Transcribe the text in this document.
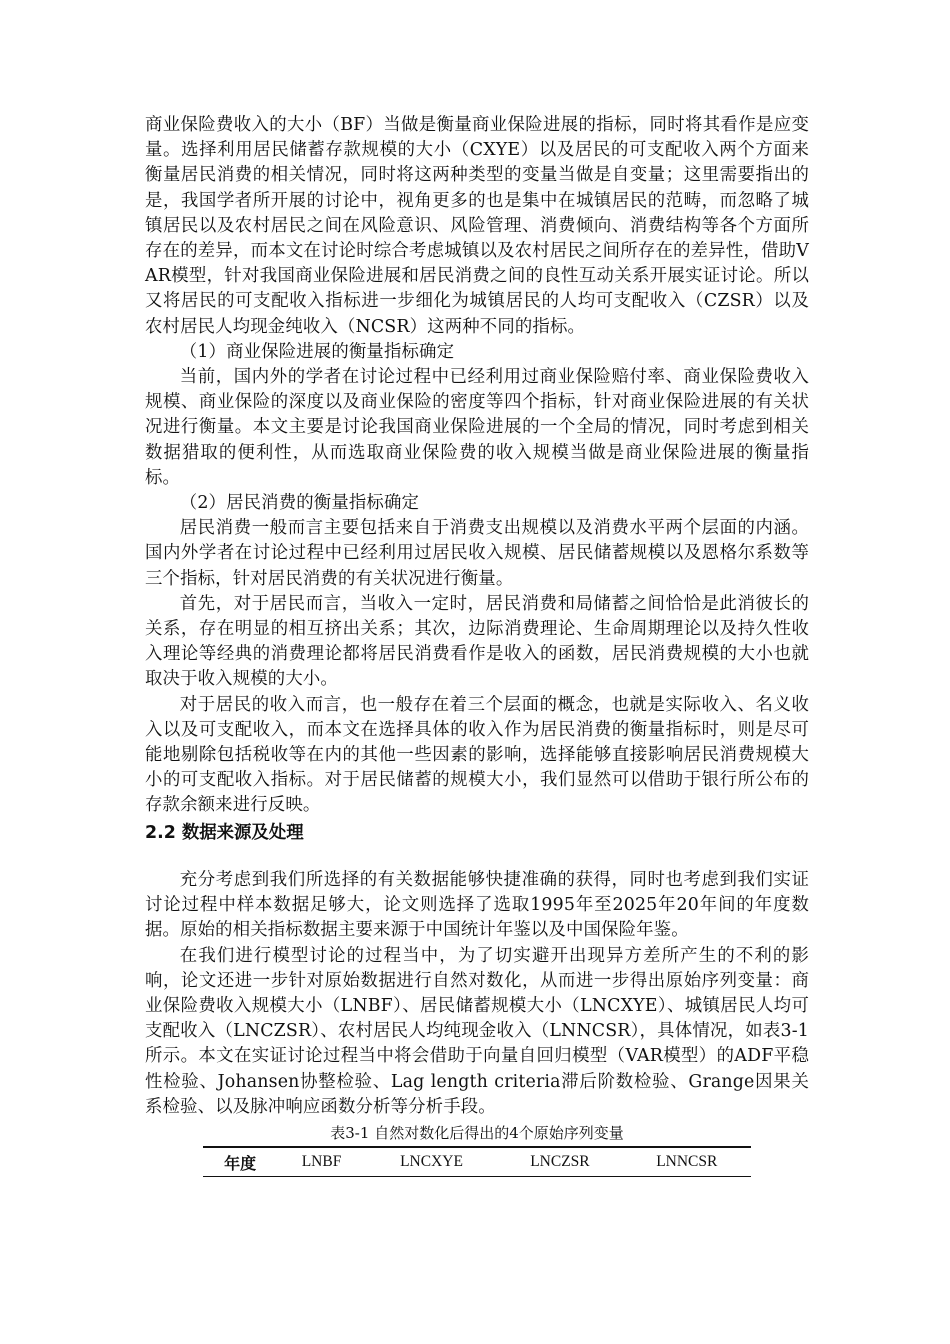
商业保险费收入的大小（BF）当做是衡量商业保险进展的指标，同时将其看作是应变量。选择利用居民储蓄存款规模的大小（CXYE）以及居民的可支配收入两个方面来衡量居民消费的相关情况，同时将这两种类型的变量当做是自变量；这里需要指出的是，我国学者所开展的讨论中，视角更多的也是集中在城镇居民的范畴，而忽略了城镇居民以及农村居民之间在风险意识、风险管理、消费倾向、消费结构等各个方面所存在的差异，而本文在讨论时综合考虑城镇以及农村居民之间所存在的差异性，借助VAR模型，针对我国商业保险进展和居民消费之间的良性互动关系开展实证讨论。所以又将居民的可支配收入指标进一步细化为城镇居民的人均可支配收入（CZSR）以及农村居民人均现金纯收入（NCSR）这两种不同的指标。

（1）商业保险进展的衡量指标确定

当前，国内外的学者在讨论过程中已经利用过商业保险赔付率、商业保险费收入规模、商业保险的深度以及商业保险的密度等四个指标，针对商业保险进展的有关状况进行衡量。本文主要是讨论我国商业保险进展的一个全局的情况，同时考虑到相关数据猎取的便利性，从而选取商业保险费的收入规模当做是商业保险进展的衡量指标。

（2）居民消费的衡量指标确定

居民消费一般而言主要包括来自于消费支出规模以及消费水平两个层面的内涵。国内外学者在讨论过程中已经利用过居民收入规模、居民储蓄规模以及恩格尔系数等三个指标，针对居民消费的有关状况进行衡量。

首先，对于居民而言，当收入一定时，居民消费和局储蓄之间恰恰是此消彼长的关系，存在明显的相互挤出关系；其次，边际消费理论、生命周期理论以及持久性收入理论等经典的消费理论都将居民消费看作是收入的函数，居民消费规模的大小也就取决于收入规模的大小。

对于居民的收入而言，也一般存在着三个层面的概念，也就是实际收入、名义收入以及可支配收入，而本文在选择具体的收入作为居民消费的衡量指标时，则是尽可能地剔除包括税收等在内的其他一些因素的影响，选择能够直接影响居民消费规模大小的可支配收入指标。对于居民储蓄的规模大小，我们显然可以借助于银行所公布的存款余额来进行反映。

2.2 数据来源及处理

充分考虑到我们所选择的有关数据能够快捷准确的获得，同时也考虑到我们实证讨论过程中样本数据足够大，论文则选择了选取1995年至2025年20年间的年度数据。原始的相关指标数据主要来源于中国统计年鉴以及中国保险年鉴。

在我们进行模型讨论的过程当中，为了切实避开出现异方差所产生的不利的影响，论文还进一步针对原始数据进行自然对数化，从而进一步得出原始序列变量：商业保险费收入规模大小（LNBF）、居民储蓄规模大小（LNCXYE）、城镇居民人均可支配收入（LNCZSR）、农村居民人均纯现金收入（LNNCSR），具体情况，如表3-1所示。本文在实证讨论过程当中将会借助于向量自回归模型（VAR模型）的ADF平稳性检验、Johansen协整检验、Lag length criteria滞后阶数检验、Grange因果关系检验、以及脉冲响应函数分析等分析手段。

表3-1 自然对数化后得出的4个原始序列变量

年度	LNBF	LNCXYE	LNCZSR	LNNCSR
